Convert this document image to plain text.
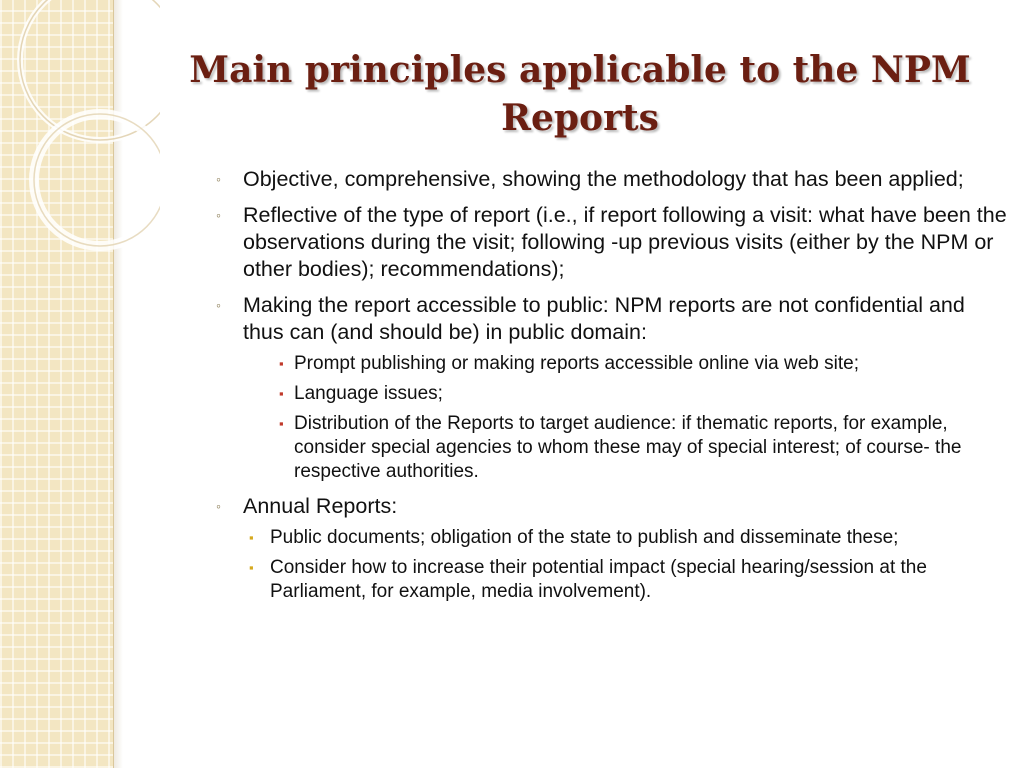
Main principles applicable to the NPM Reports
◦ Objective, comprehensive, showing the methodology that has been applied;
◦ Reflective of the type of report (i.e., if report following a visit: what have been the observations during the visit; following -up previous visits (either by the NPM or other bodies); recommendations);
◦ Making the report accessible to public: NPM reports are not confidential and thus can (and should be) in public domain:
▪ Prompt publishing or making reports accessible online via web site;
▪ Language issues;
▪ Distribution of the Reports to target audience: if thematic reports, for example, consider special agencies to whom these may of special interest; of course- the respective authorities.
◦ Annual Reports:
▪ Public documents; obligation of the state to publish and disseminate these;
▪ Consider how to increase their potential impact (special hearing/session at the Parliament, for example, media involvement).
